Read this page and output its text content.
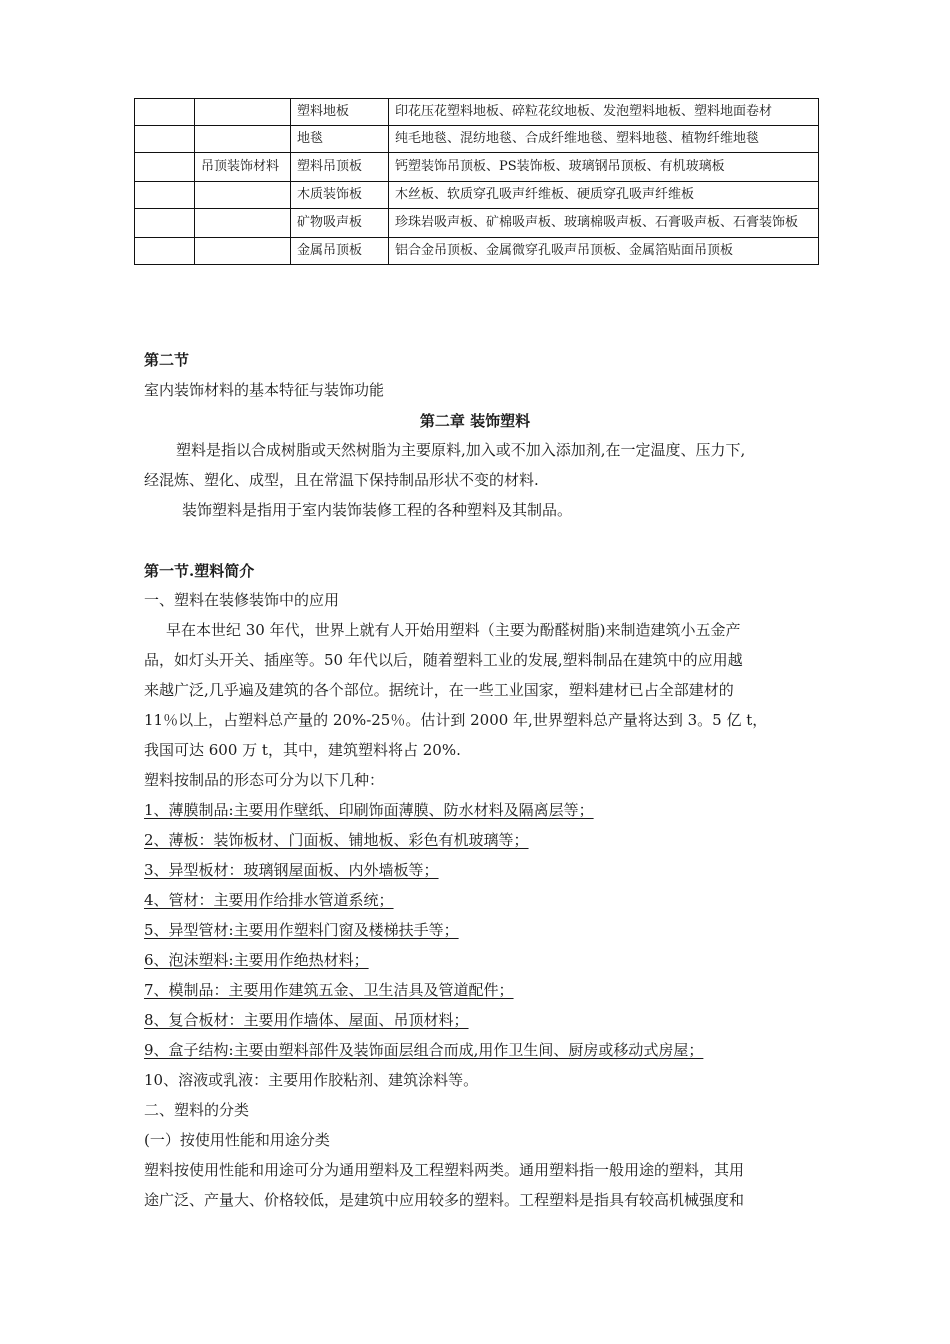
		塑料地板	印花压花塑料地板、碎粒花纹地板、发泡塑料地板、塑料地面卷材
		地毯	纯毛地毯、混纺地毯、合成纤维地毯、塑料地毯、植物纤维地毯
	吊顶装饰材料	塑料吊顶板	钙塑装饰吊顶板、PS装饰板、玻璃钢吊顶板、有机玻璃板
		木质装饰板	木丝板、软质穿孔吸声纤维板、硬质穿孔吸声纤维板
		矿物吸声板	珍珠岩吸声板、矿棉吸声板、玻璃棉吸声板、石膏吸声板、石膏装饰板
		金属吊顶板	铝合金吊顶板、金属微穿孔吸声吊顶板、金属箔贴面吊顶板
第二节
室内装饰材料的基本特征与装饰功能
第二章 装饰塑料
塑料是指以合成树脂或天然树脂为主要原料,加入或不加入添加剂,在一定温度、压力下,
经混炼、塑化、成型，且在常温下保持制品形状不变的材料.
装饰塑料是指用于室内装饰装修工程的各种塑料及其制品。
第一节.塑料简介
一、塑料在装修装饰中的应用
早在本世纪 30 年代，世界上就有人开始用塑料（主要为酚醛树脂)来制造建筑小五金产
品，如灯头开关、插座等。50 年代以后，随着塑料工业的发展,塑料制品在建筑中的应用越
来越广泛,几乎遍及建筑的各个部位。据统计，在一些工业国家，塑料建材已占全部建材的
11％以上，占塑料总产量的 20%-25％。估计到 2000 年,世界塑料总产量将达到 3。5 亿 t，
我国可达 600 万 t，其中，建筑塑料将占 20%.
塑料按制品的形态可分为以下几种：
1、薄膜制品:主要用作壁纸、印刷饰面薄膜、防水材料及隔离层等；
2、薄板：装饰板材、门面板、铺地板、彩色有机玻璃等；
3、异型板材：玻璃钢屋面板、内外墙板等；
4、管材：主要用作给排水管道系统；
5、异型管材:主要用作塑料门窗及楼梯扶手等；
6、泡沫塑料:主要用作绝热材料；
7、模制品：主要用作建筑五金、卫生洁具及管道配件；
8、复合板材：主要用作墙体、屋面、吊顶材料；
9、盒子结构:主要由塑料部件及装饰面层组合而成,用作卫生间、厨房或移动式房屋；
10、溶液或乳液：主要用作胶粘剂、建筑涂料等。
二、塑料的分类
(一）按使用性能和用途分类
塑料按使用性能和用途可分为通用塑料及工程塑料两类。通用塑料指一般用途的塑料，其用
途广泛、产量大、价格较低，是建筑中应用较多的塑料。工程塑料是指具有较高机械强度和
